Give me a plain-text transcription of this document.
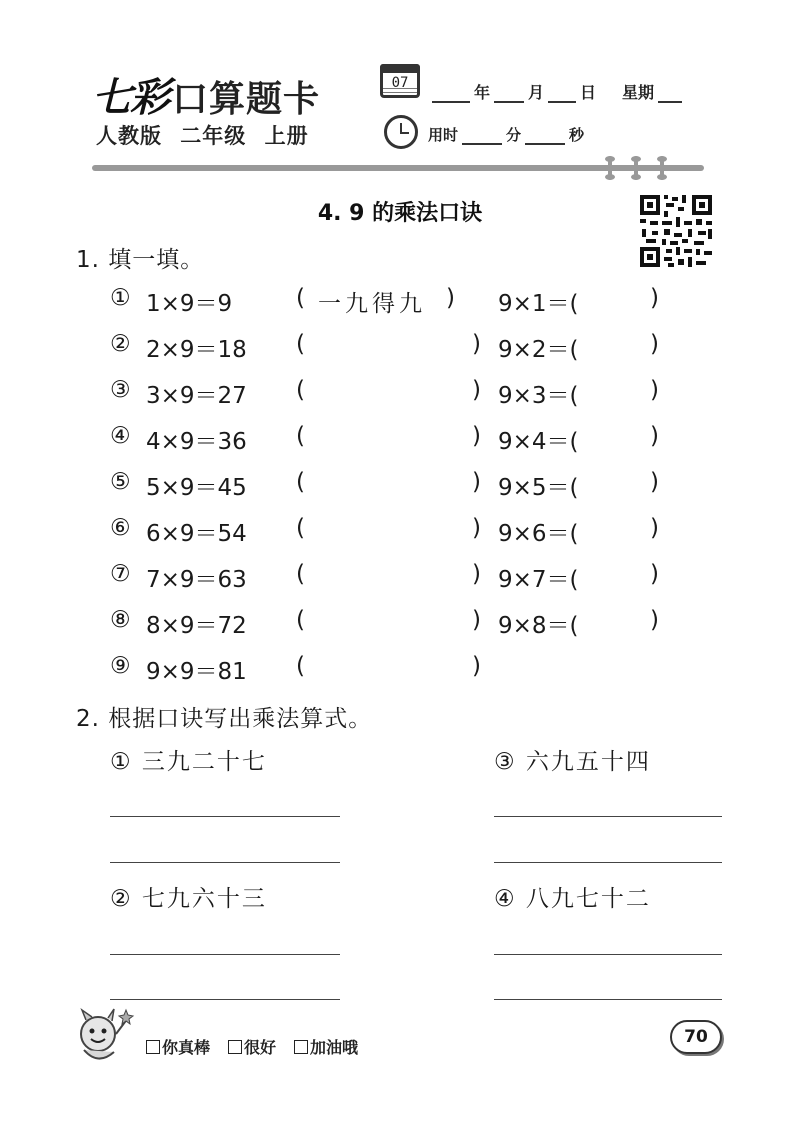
七彩 口算题卡
人教版 二年级 上册
07	年 月 日 星期
用时	分	秒
4. 9 的乘法口诀
1. 填一填。
① 1×9＝9	( 一九得九 ) 9×1＝(	)
② 2×9＝18 (	) 9×2＝(	)
③ 3×9＝27 (	) 9×3＝(	)
④ 4×9＝36 (	) 9×4＝(	)
⑤ 5×9＝45 (	) 9×5＝(	)
⑥ 6×9＝54 (	) 9×6＝(	)
⑦ 7×9＝63 (	) 9×7＝(	)
⑧ 8×9＝72 (	) 9×8＝(	)
⑨ 9×9＝81 (	)
2. 根据口诀写出乘法算式。
① 三九二十七	③ 六九五十四
② 七九六十三	④ 八九七十二
你真棒 很好 加油哦
70
